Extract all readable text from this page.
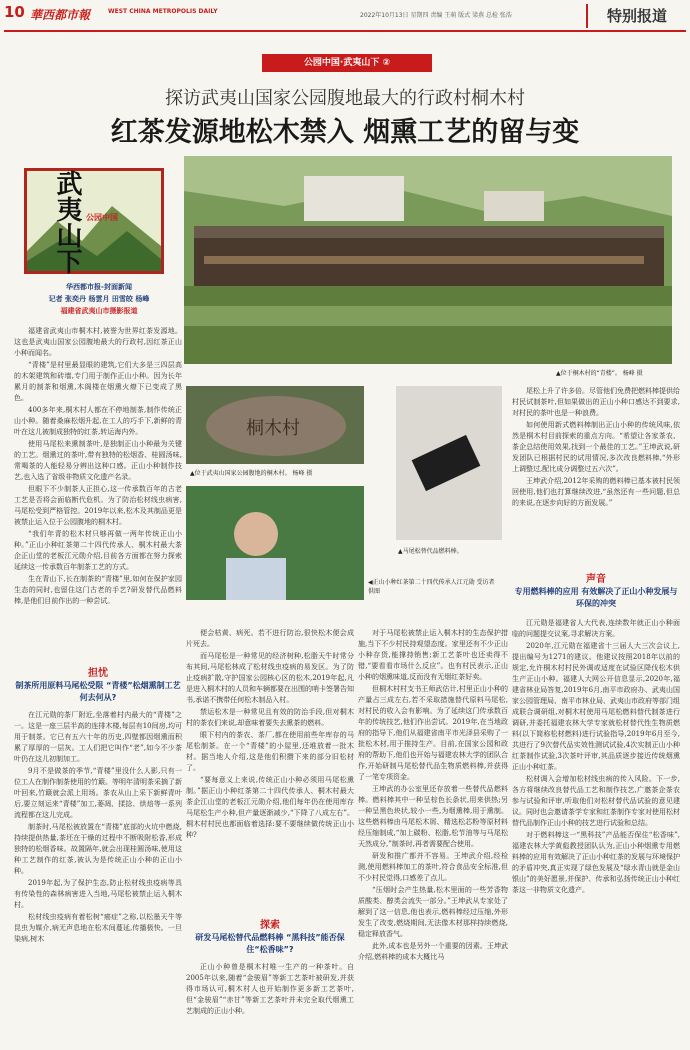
10 華西都市報	WEST CHINA METROPOLIS DAILY
2022年10月13日 星期四 责编 王萌 版式 梁燕 总检 张浩	特别报道
公园中国·武夷山下 ②
探访武夷山国家公园腹地最大的行政村桐木村
红茶发源地松木禁入 烟熏工艺的留与变
武夷山下 公园中国
华西都市报-封面新闻
记者 张奕丹 杨雲月 田雪皎 杨峰
福建省武夷山市摄影报道
▲位于桐木村的“青楼”。 杨峰 摄
桐木村
▲位于武夷山国家公园腹地的桐木村。 杨峰 摄
▲马尾松替代品燃料棒。
◀正山小种红茶第二十四代传承人江元勋 受访者供图

福建省武夷山市桐木村,被誉为世界红茶发源地。这也是武夷山国家公园腹地最大的行政村,因红茶正山小种而闻名。

“青楼”是村里最显眼的建筑,它们大多是三四层高的木架建筑和砖墙,专门用于制作正山小种。因为长年累月的制茶和烟熏,木阁楼在烟熏火燎下已变成了黑色。

400多年来,桐木村人都在不停地制茶,制作传统正山小种。随着桑麻松烟升起,在工人的巧手下,新鲜的青叶在这儿被制成独特的红茶,转运海内外。

使用马尾松来熏制茶叶,是独制正山小种最为关键的工艺。烟熏过的茶叶,带有独特的松烟香、桂圆汤味,常喝茶的人能轻易分辨出这种口感。正山小种制作技艺,也入选了省级非物质文化遗产名录。

但眼下不少制茶人正担心,这一传承数百年的古老工艺是否将会面临断代危机。为了防治松材线虫病害,马尾松受到严格管控。2019年以来,松木及其制品更是被禁止运入位于公园腹地的桐木村。

“我们年青的松木材只够再做一两年传统正山小种。”正山小种红茶第二十四代传承人、桐木村最大茶企正山堂的老板江元勋介绍,目前各方面都在努力探索延续这一传承数百年制茶工艺的方式。

生在青山下,长在制茶的“青楼”里,如何在保护家园生态的同时,也留住这门古老的手艺?研发替代品燃料棒,是他们目前作出的一种尝试。

担忧
制茶所用原料马尾松受限 “青楼”松烟熏制工艺何去何从?

在江元勋的茶厂附近,坐落着村内最大的“青楼”之一。这是一座三层半高的连排木楼,每层有10间房,均可用于制茶。它已有五六十年的历史,四壁都因烟熏而积累了厚厚的一层灰。工人们把它叫作“老”,如今不少茶叶仍在这儿初制加工。

9月不是做茶的季节,“青楼”里没什么人影,只有一位工人在制作制茶使用的竹簸。等明年清明茶采摘了新叶回来,竹簸就会派上用场。茶农从山上采下新鲜青叶后,要立刻运来“青楼”加工,萎凋、揉捻、烘焙等一系列流程都在这儿完成。

制茶时,马尾松被放置在“青楼”底部的火坑中燃烧,持续提供热量,茶坯在干燥的过程中不断吸附松香,形成独特的松烟香味。故置隔年,就会出现桂圆汤味,使用这种工艺制作的红茶,被认为是传统正山小种的正山小种。

2019年起,为了保护生态,防止松材线虫疫病等具有传染性的森林病害进入当地,马尾松被禁止运入桐木村。

松材线虫疫病有着松树“癌症”之称,以松墨天牛等昆虫为媒介,病无声息地在松木间蔓延,传播极快。一旦染病,树木

便会枯黄、病死。若不进行防治,很快松木便会成片死去。

而马尾松是一种常见的经济树种,松脂天牛时常分布其间,马尾松林成了松材线虫疫病的易发区。为了防止疫病扩散,守护国家公园核心区的松木,2019年起,凡是进入桐木村的人员和车辆都要在出围的哨卡签署告知书,承诺不携带任何松木制品入村。

禁运松木是一种常见且有效的防治手段,但对桐木村的茶农们来说,却意味着要失去熏茶的燃料。

眼下村内的茶农、茶厂,都在使用前些年库存的马尾松制茶。在一个“青楼”的小屋里,还堆放着一批木材。据当地人介绍,这是他们积攒下来的部分旧松材了。

“要每意义上来说,传统正山小种必须用马尾松熏制。”据正山小种红茶第二十四代传承人、桐木村最大茶企江山堂的老板江元勋介绍,他们每年仍在使用库存马尾松生产小种,但产量逐渐减少,“下降了八成左右”。桐木村村民也都面临着选择:要不要继续做传统正山小种?

探索
研发马尾松替代品燃料棒 “黑科技”能否保住“松香味”?

正山小种曾是桐木村唯一生产的一种茶叶。自2005年以来,随着“金骏眉”等新工艺茶叶被研发,并获得市场认可,桐木村人也开始制作更多新工艺茶叶,但“金骏眉”“赤甘”等新工艺茶叶并未完全取代烟熏工艺制成的正山小种。

对于马尾松被禁止运入桐木村的生态保护措施,当下不少村民持观望态度。家里还有不少正山小种存货,能撑持销售;新工艺茶叶也还卖得不错,“要看看市场什么反应”。也有村民表示,正山小种的烟熏味道,反而没有无烟红茶好卖。

但桐木村村支书王师武估计,村里正山小种的产量占三成左右,若不采取措施替代原料马尾松,对村民的收入会有影响。为了延续这门传承数百年的传统技艺,他们作出尝试。2019年,在当地政府的指导下,他们从福建省南平市光泽县采购了一批松木材,用于推持生产。目前,在国家公园和政府的帮助下,他们也开始与福建农林大学的团队合作,开始研制马尾松替代品生物质燃料棒,并获得了一笔专项资金。

王坤武的办公室里还存放着一些替代品燃料棒。燃料棒其中一种呈棕色长条状,用来供热;另一种呈黑色块状,较小一些,为烟熏棒,用于熏制。这些燃料棒由马尾松木屑、精选松芯粉等原材料经压缩制成,“加上碳粉、松脂,松节油等与马尾松天然成分,”制茶时,再者需要配合使用。

研发和推广都并不容易。王坤武介绍,经检测,使用燃料棒加工的茶叶,符合食品安全标准,但不少村民觉得,口感差了点儿。

“压烟时会产生热量,松木里面的一些芳香物质酸类、醇类会流失一部分。”王坤武从专家处了解到了这一信息,他也表示,燃料棒经过压缩,外形发生了改变,燃烧期间,无法像木材那样持续燃烧,稳定释放香气。

此外,成本也是另外一个重要的因素。王坤武介绍,燃料棒的成本大概比马

尾松上升了许多倍。尽管他们免费把燃料棒提供给村民试制茶叶,但如果做出的正山小种口感达不到要求,对村民的茶叶也是一种浪费。

如何使用新式燃料棒制出正山小种的传统风味,依然是桐木村目前探索的重点方向。“希望让各家茶农、茶企总结使用效果,找到一个最佳的工艺。”王坤武说,研发团队已根据村民的试用情况,多次改良燃料棒,“外形上调整过,配比成分调整过五六次”。

王坤武介绍,2012年采购的燃料棒已基本被村民领回使用,他们也打算继续改进,“虽然还有一些问题,但总的来说,在逐步向好的方面发展。”

声音
专用燃料棒的应用 有效解决了正山小种发展与环保的冲突

江元勋是福建省人大代表,连续数年就正山小种面临的问题提交议案,寻求解决方案。

2020年,江元勋在福建省十三届人大三次会议上,提出编号为1271的建议。他建议按照2018年以前的规定,允许桐木村村民外调或适度在试验区降伐松木供生产正山小种。福建人大网公开信息显示,2020年,福建省林业局答复,2019年6月,南平市政府办、武夷山国家公园管理局、南平市林业局、武夷山市政府等部门组成联合调研组,对桐木村使用马尾松燃料替代制茶进行调研,并委托福建农林大学专家就松材替代性生物质燃料(以下简称松材燃料)进行试验指导,2019年6月至今,共进行了9次替代品实效性测试试验,4次实制正山小种红茶制作试验,3次茶叶评审,其品质逐步接近传统烟熏正山小种红茶。

松材调入会增加松材线虫病的传入风险。下一步,各方将继续改良替代品工艺和制作技艺,广邀茶企茶农参与试验和评审,听取他们对松材替代品试验的意见建议。同时也会邀请茶学专家和红茶制作专家对使用松材替代品制作正山小种的技艺进行试验和总结。

对于燃料棒这一“黑科技”产品能否保住“松香味”,福建农林大学黄彪教授团队认为,正山小种烟熏专用燃料棒的应用有效解决了正山小种红茶的发展与环境保护的矛盾冲突,真正实现了绿色发展及“绿水青山就是金山银山”的美好愿景,并保护、传承和弘扬传统正山小种红茶这一非物质文化遗产。
